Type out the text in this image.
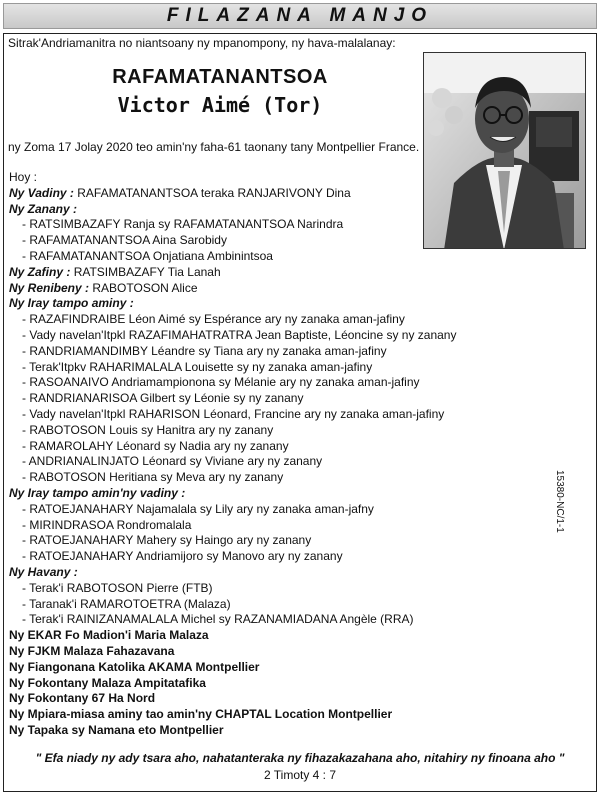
FILAZANA MANJO
Sitrak'Andriamanitra no niantsoany ny mpanompony, ny hava-malalanay:
RAFAMATANANTSOA
Victor Aimé (Tor)
ny Zoma 17 Jolay 2020 teo amin'ny faha-61 taonany tany Montpellier France.
Hoy :
Ny Vadiny : RAFAMATANANTSOA teraka RANJARIVONY Dina
Ny Zanany :
- RATSIMBAZAFY Ranja sy RAFAMATANANTSOA Narindra
- RAFAMATANANTSOA Aina Sarobidy
- RAFAMATANANTSOA Onjatiana Ambinintsoa
Ny Zafiny : RATSIMBAZAFY Tia Lanah
Ny Renibeny : RABOTOSON Alice
Ny Iray tampo aminy :
- RAZAFINDRAIBE Léon Aimé sy Espérance ary ny zanaka aman-jafiny
- Vady navelan'Itpkl RAZAFIMAHATRATRA Jean Baptiste, Léoncine sy ny zanany
- RANDRIAMANDIMBY Léandre sy Tiana ary ny zanaka aman-jafiny
- Terak'Itpkv RAHARIMALALA Louisette sy ny zanaka aman-jafiny
- RASOANAIVO Andriamampionona sy Mélanie ary ny zanaka aman-jafiny
- RANDRIANARISOA Gilbert sy Léonie sy ny zanany
- Vady navelan'Itpkl RAHARISON Léonard, Francine ary ny zanaka aman-jafiny
- RABOTOSON Louis sy Hanitra ary ny zanany
- RAMAROLAHY Léonard sy Nadia ary ny zanany
- ANDRIANALINJATO Léonard sy Viviane ary ny zanany
- RABOTOSON Heritiana sy Meva ary ny zanany
Ny Iray tampo amin'ny vadiny :
- RATOEJANAHARY Najamalala sy Lily ary ny zanaka aman-jafny
- MIRINDRASOA Rondromalala
- RATOEJANAHARY Mahery sy Haingo ary ny zanany
- RATOEJANAHARY Andriamijoro sy Manovo ary ny zanany
Ny Havany :
- Terak'i RABOTOSON Pierre (FTB)
- Taranak'i RAMAROTOETRA (Malaza)
- Terak'i RAINIZANAMALALA Michel sy RAZANAMIADANA Angèle (RRA)
Ny EKAR Fo Madion'i Maria Malaza
Ny FJKM Malaza Fahazavana
Ny Fiangonana Katolika AKAMA Montpellier
Ny Fokontany Malaza Ampitatafika
Ny Fokontany 67 Ha Nord
Ny Mpiara-miasa aminy tao amin'ny CHAPTAL Location Montpellier
Ny Tapaka sy Namana eto Montpellier
15380-NC/1-1
" Efa niady ny ady tsara aho, nahatanteraka ny fihazakazahana aho, nitahiry ny finoana aho "
2 Timoty 4 : 7
